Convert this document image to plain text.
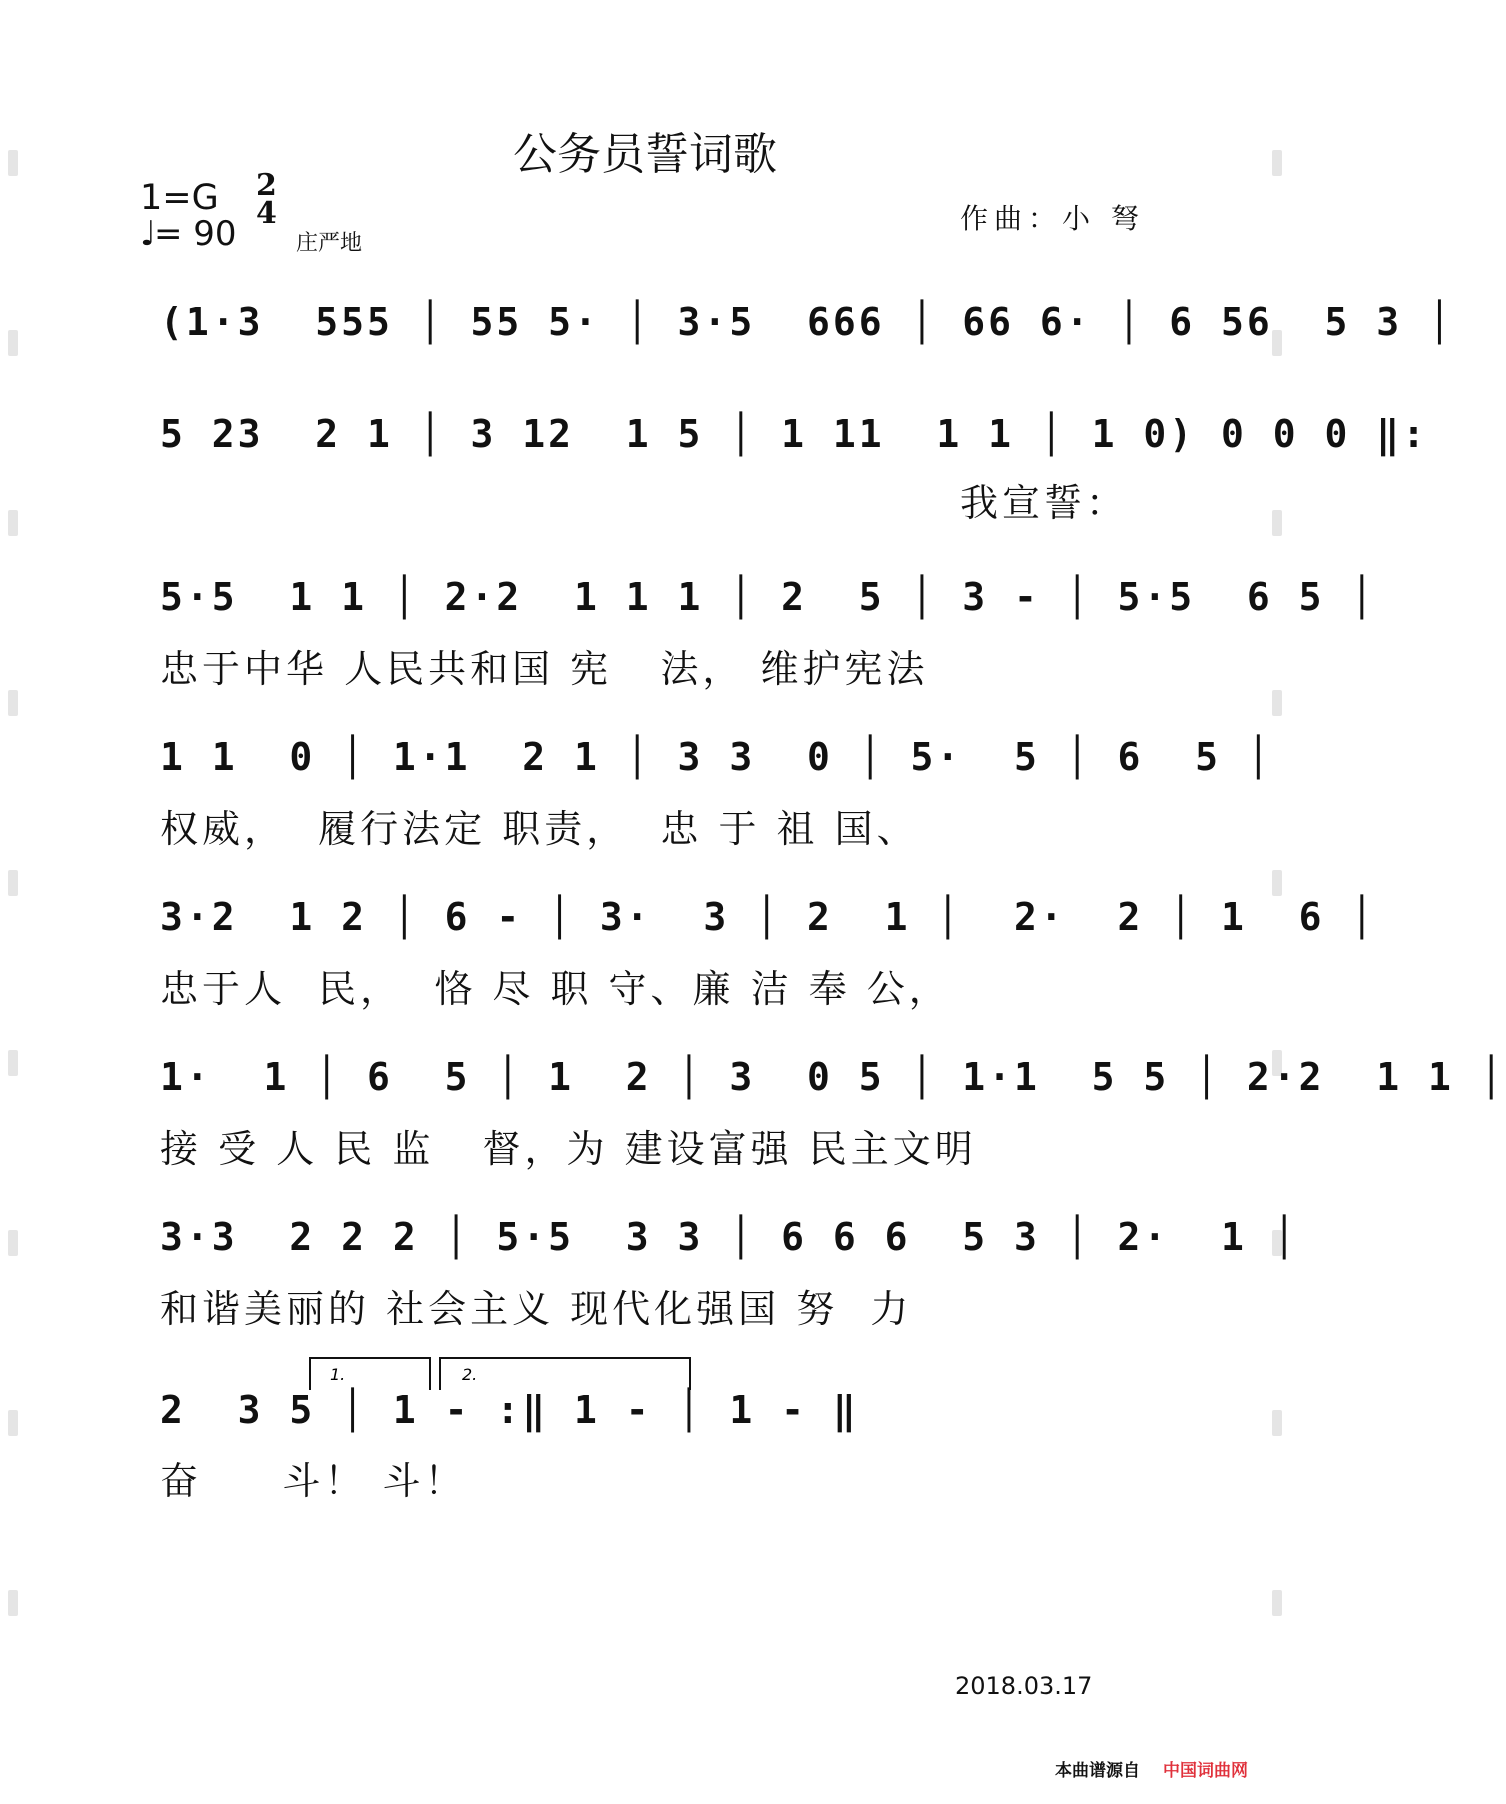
公务员誓词歌
1=G 2
4
♩= 90	庄严地
作曲：小 弩
(1·3  555 │ 55 5· │ 3·5  666 │ 66 6· │ 6 56  5 3 │
5 23  2 1 │ 3 12  1 5 │ 1 11  1 1 │ 1 0) 0 0 0 ‖:
我宣誓：
5·5  1 1 │ 2·2  1 1 1 │ 2  5 │ 3 - │ 5·5  6 5 │
忠于中华 人民共和国 宪   法， 维护宪法
1 1  0 │ 1·1  2 1 │ 3 3  0 │ 5·  5 │ 6  5 │
权威，  履行法定 职责，  忠 于 祖 国、
3·2  1 2 │ 6 - │ 3·  3 │ 2  1 │  2·  2 │ 1  6 │
忠于人  民，  恪 尽 职 守、廉 洁 奉 公，
1·  1 │ 6  5 │ 1  2 │ 3  0 5 │ 1·1  5 5 │ 2·2  1 1 │
接 受 人 民 监   督，为 建设富强 民主文明
3·3  2 2 2 │ 5·5  3 3 │ 6 6 6  5 3 │ 2·  1 │
和谐美丽的 社会主义 现代化强国 努  力
2  3 5 │ 1 - :‖ 1 - │ 1 - ‖
奋     斗！ 斗！
1.	2.
2018.03.17
本曲谱源自 中国词曲网
